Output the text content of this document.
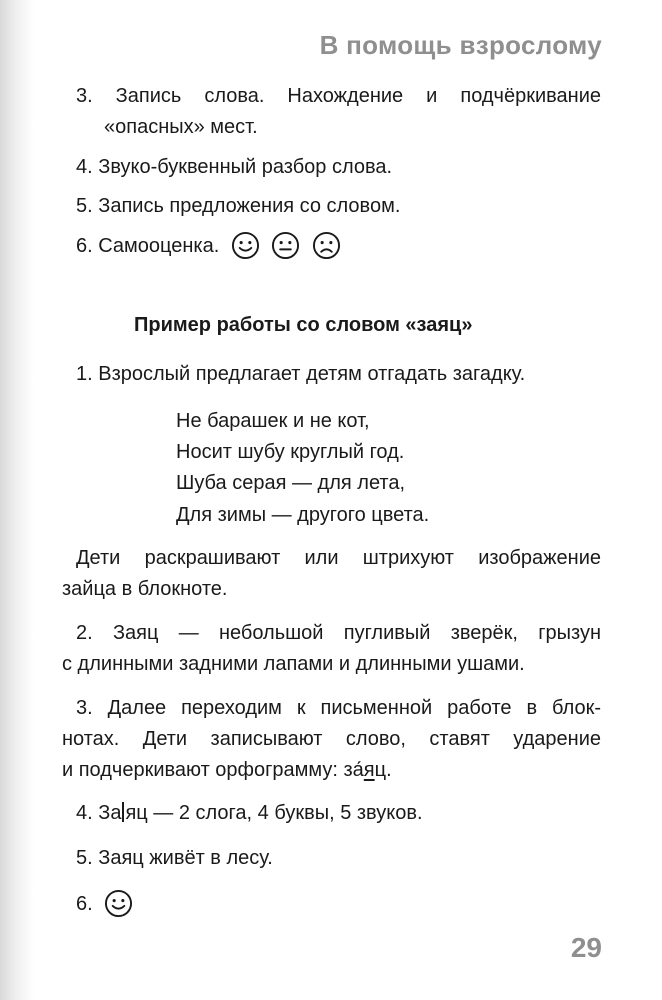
В помощь взрослому
3. Запись слова. Нахождение и подчёркивание
«опасных» мест.
4. Звуко-буквенный разбор слова.
5. Запись предложения со словом.
6. Самооценка.

Пример работы со словом «заяц»
1. Взрослый предлагает детям отгадать загадку.
Не барашек и не кот,
Носит шубу круглый год.
Шуба серая — для лета,
Для зимы — другого цвета.
Дети раскрашивают или штрихуют изображение
зайца в блокноте.
2. Заяц — небольшой пугливый зверёк, грызун
с длинными задними лапами и длинными ушами.
3. Далее переходим к письменной работе в блок-
нотах. Дети записывают слово, ставят ударение
и подчеркивают орфограмму: за́яц.
4. За яц — 2 слога, 4 буквы, 5 звуков.
5. Заяц живёт в лесу.
6.
29
